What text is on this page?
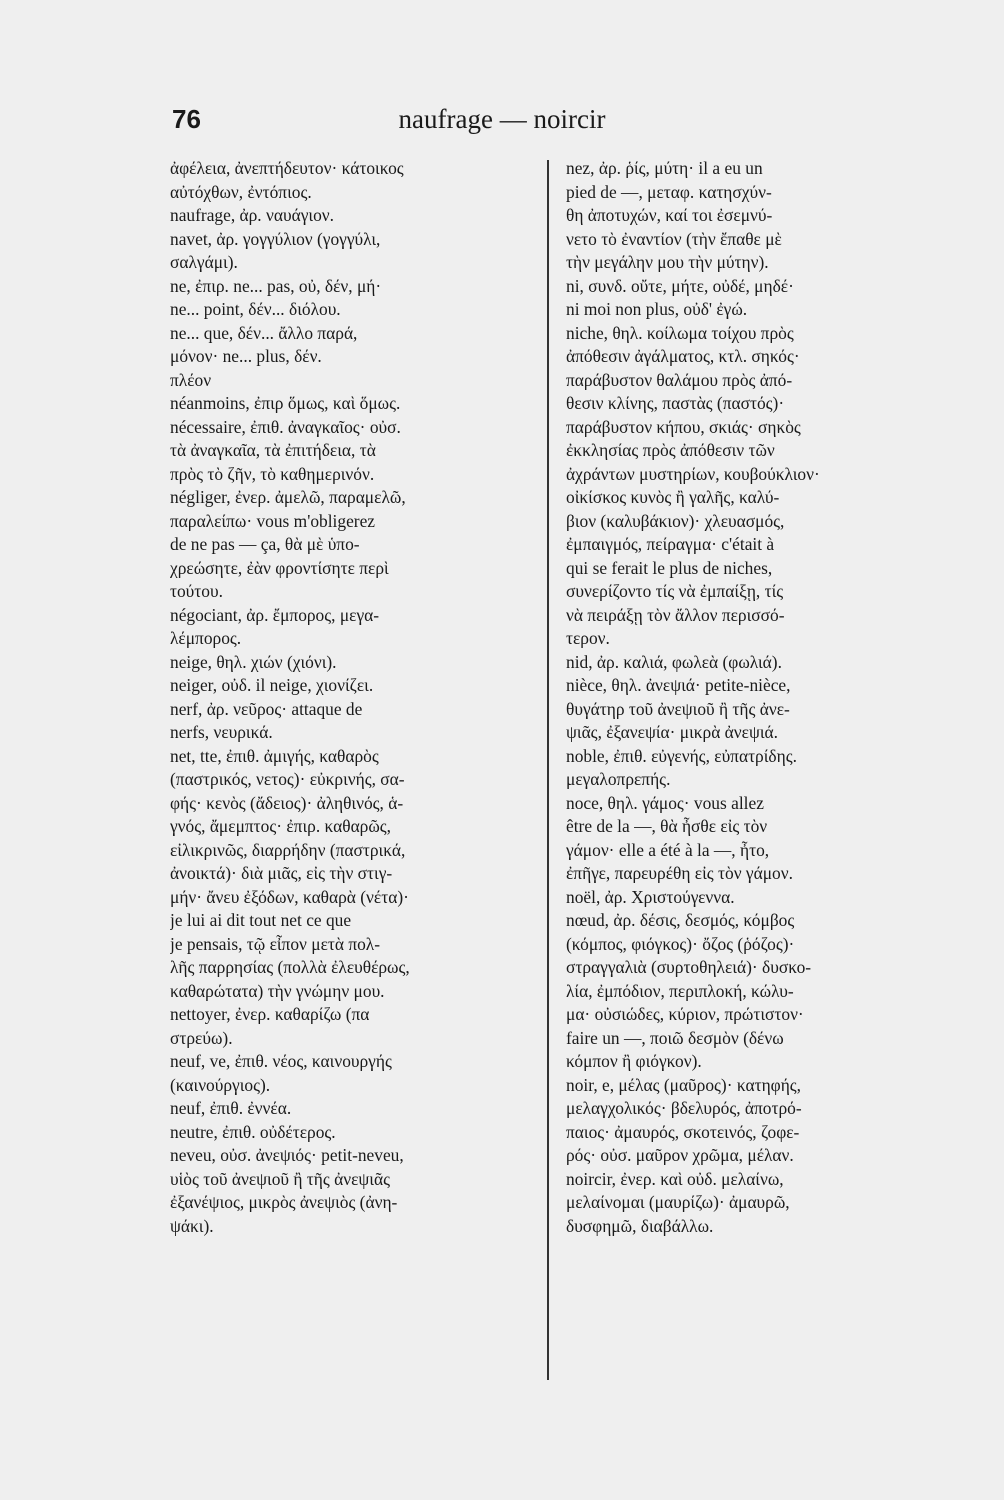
76	naufrage — noircir
ἀφέλεια, ἀνεπτήδευτον· κάτοικος
αὐτόχθων, ἐντόπιος.
naufrage, ἀρ. ναυάγιον.
navet, ἀρ. γογγύλιον (γογγύλι,
σαλγάμι).
ne, ἐπιρ. ne... pas, οὐ, δέν, μή·
ne... point, δέν... διόλου.
ne... que, δέν... ἄλλο παρά,
μόνον· ne... plus, δέν.
πλέον
néanmoins, ἐπιρ ὅμως, καὶ ὅμως.
nécessaire, ἐπιθ. ἀναγκαῖος· οὐσ.
τὰ ἀναγκαῖα, τὰ ἐπιτήδεια, τὰ
πρὸς τὸ ζῆν, τὸ καθημερινόν.
négliger, ἐνερ. ἀμελῶ, παραμελῶ,
παραλείπω· vous m'obligerez
de ne pas — ça, θὰ μὲ ὑπο-
χρεώσητε, ἐὰν φροντίσητε περὶ
τούτου.
négociant, ἀρ. ἔμπορος, μεγα-
λέμπορος.
neige, θηλ. χιών (χιόνι).
neiger, οὐδ. il neige, χιονίζει.
nerf, ἀρ. νεῦρος· attaque de
nerfs, νευρικά.
net, tte, ἐπιθ. ἀμιγής, καθαρὸς
(παστρικός, νετος)· εὐκρινής, σα-
φής· κενὸς (ἄδειος)· ἀληθινός, ἁ-
γνός, ἄμεμπτος· ἐπιρ. καθαρῶς,
εἰλικρινῶς, διαρρήδην (παστρικά,
ἀνοικτά)· διὰ μιᾶς, εἰς τὴν στιγ-
μήν· ἄνευ ἐξόδων, καθαρὰ (νέτα)·
je lui ai dit tout net ce que
je pensais, τῷ εἶπον μετὰ πολ-
λῆς παρρησίας (πολλὰ ἐλευθέρως,
καθαρώτατα) τὴν γνώμην μου.
nettoyer, ἐνερ. καθαρίζω (πα
στρεύω).
neuf, ve, ἐπιθ. νέος, καινουργής
(καινούργιος).
neuf, ἐπιθ. ἐννέα.
neutre, ἐπιθ. οὐδέτερος.
neveu, οὐσ. ἀνεψιός· petit-neveu,
υἱὸς τοῦ ἀνεψιοῦ ἢ τῆς ἀνεψιᾶς
ἐξανέψιος, μικρὸς ἀνεψιὸς (ἀνη-
ψάκι).
nez, ἀρ. ῥίς, μύτη· il a eu un
pied de —, μεταφ. κατησχύν-
θη ἀποτυχών, καί τοι ἐσεμνύ-
νετο τὸ ἐναντίον (τὴν ἔπαθε μὲ
τὴν μεγάλην μου τὴν μύτην).
ni, συνδ. οὔτε, μήτε, οὐδέ, μηδέ·
ni moi non plus, οὐδ' ἐγώ.
niche, θηλ. κοίλωμα τοίχου πρὸς
ἀπόθεσιν ἀγάλματος, κτλ. σηκός·
παράβυστον θαλάμου πρὸς ἀπό-
θεσιν κλίνης, παστὰς (παστός)·
παράβυστον κήπου, σκιάς· σηκὸς
ἐκκλησίας πρὸς ἀπόθεσιν τῶν
ἀχράντων μυστηρίων, κουβούκλιον·
οἰκίσκος κυνὸς ἢ γαλῆς, καλύ-
βιον (καλυβάκιον)· χλευασμός,
ἐμπαιγμός, πείραγμα· c'était à
qui se ferait le plus de niches,
συνερίζοντο τίς νὰ ἐμπαίξῃ, τίς
νὰ πειράξῃ τὸν ἄλλον περισσό-
τερον.
nid, ἀρ. καλιά, φωλεὰ (φωλιά).
nièce, θηλ. ἀνεψιά· petite-nièce,
θυγάτηρ τοῦ ἀνεψιοῦ ἢ τῆς ἀνε-
ψιᾶς, ἐξανεψία· μικρὰ ἀνεψιά.
noble, ἐπιθ. εὐγενής, εὐπατρίδης.
μεγαλοπρεπής.
noce, θηλ. γάμος· vous allez
être de la —, θὰ ἦσθε εἰς τὸν
γάμον· elle a été à la —, ἦτο,
ἐπῆγε, παρευρέθη εἰς τὸν γάμον.
noël, ἀρ. Χριστούγεννα.
nœud, ἀρ. δέσις, δεσμός, κόμβος
(κόμπος, φιόγκος)· ὄζος (ῥόζος)·
στραγγαλιὰ (συρτοθηλειά)· δυσκο-
λία, ἐμπόδιον, περιπλοκή, κώλυ-
μα· οὐσιώδες, κύριον, πρώτιστον·
faire un —, ποιῶ δεσμὸν (δένω
κόμπον ἢ φιόγκον).
noir, e, μέλας (μαῦρος)· κατηφής,
μελαγχολικός· βδελυρός, ἀποτρό-
παιος· ἀμαυρός, σκοτεινός, ζοφε-
ρός· οὐσ. μαῦρον χρῶμα, μέλαν.
noircir, ἐνερ. καὶ οὐδ. μελαίνω,
μελαίνομαι (μαυρίζω)· ἀμαυρῶ,
δυσφημῶ, διαβάλλω.
